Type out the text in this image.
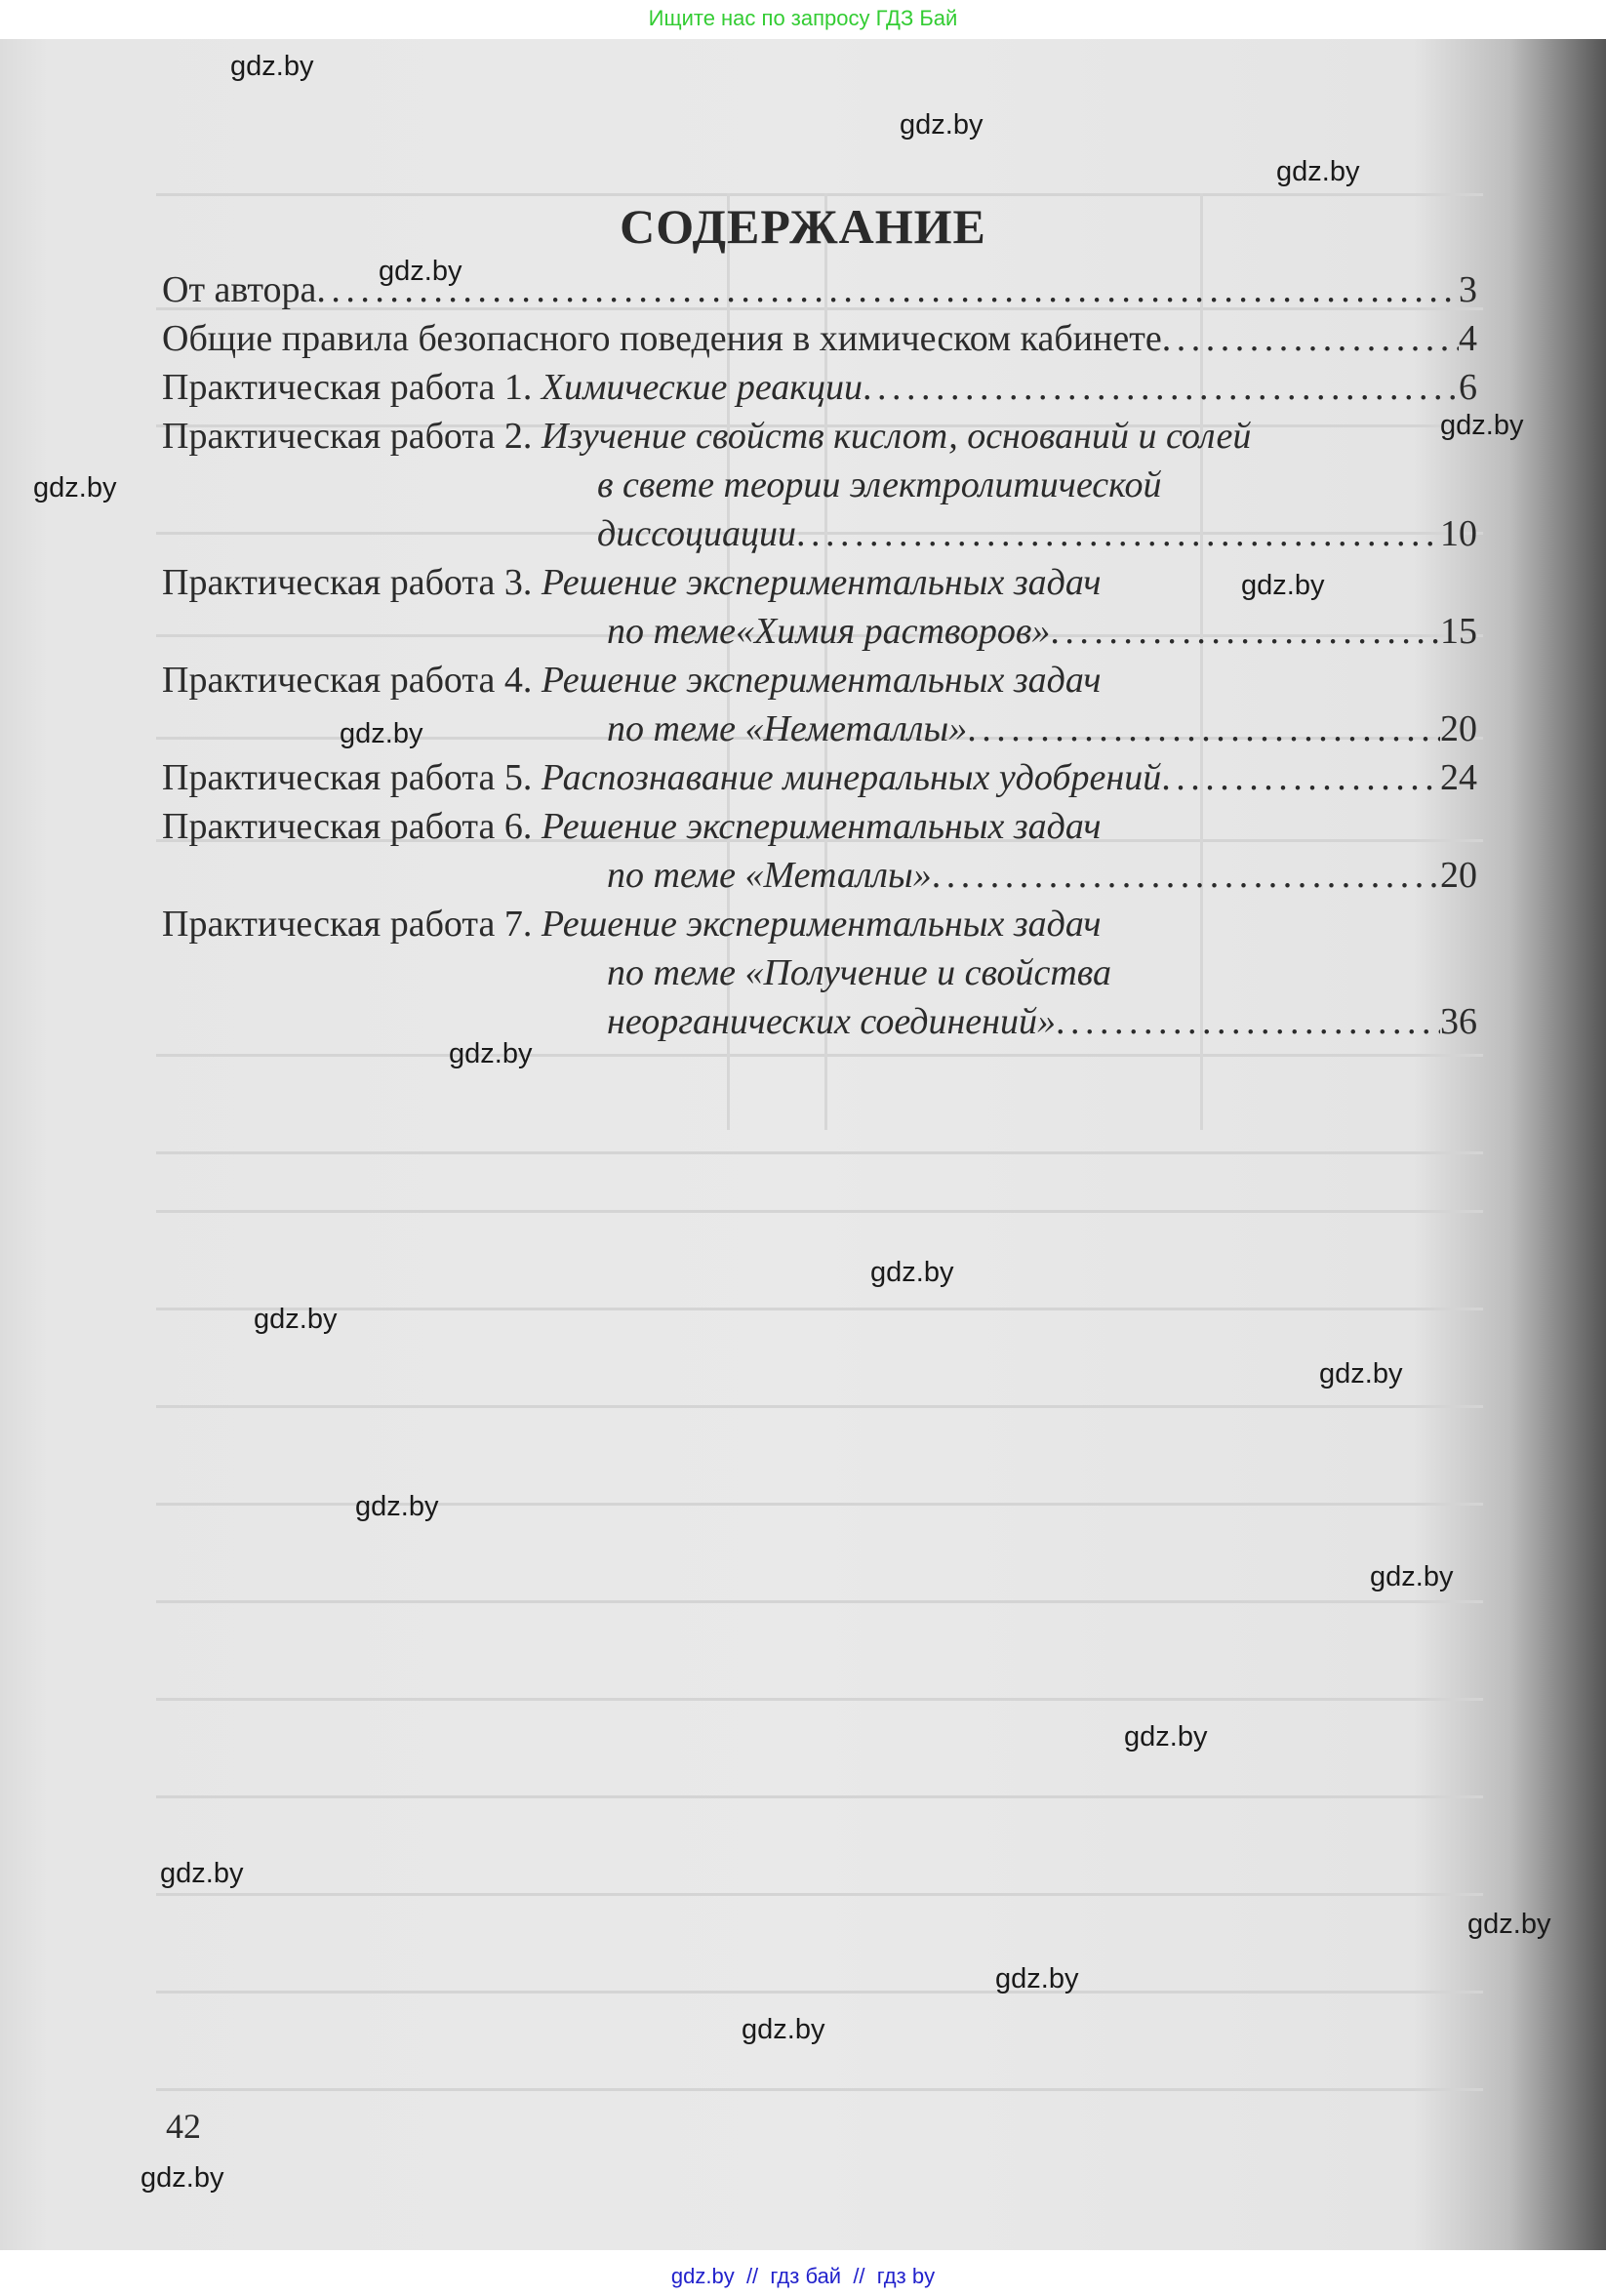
Ищите нас по запросу ГДЗ Бай
СОДЕРЖАНИЕ
От автора . . .	3
Общие правила безопасного поведения в химическом кабинете . . .	4
Практическая работа 1. Химические реакции . . .	6
Практическая работа 2. Изучение свойств кислот, оснований и солей
в свете теории электролитической
диссоциации . . .	10
Практическая работа 3. Решение экспериментальных задач
по теме«Химия растворов» . . .	15
Практическая работа 4. Решение экспериментальных задач
по теме «Неметаллы» . . .	20
Практическая работа 5. Распознавание минеральных удобрений . . .	24
Практическая работа 6. Решение экспериментальных задач
по теме «Металлы» . . .	20
Практическая работа 7. Решение экспериментальных задач
по теме «Получение и свойства
неорганических соединений» . . .	36
42
gdz.by
gdz.by
gdz.by
gdz.by
gdz.by
gdz.by
gdz.by
gdz.by
gdz.by
gdz.by
gdz.by
gdz.by
gdz.by
gdz.by
gdz.by
gdz.by
gdz.by
gdz.by
gdz.by
gdz.by
gdz.by  //  гдз бай  //  гдз by
